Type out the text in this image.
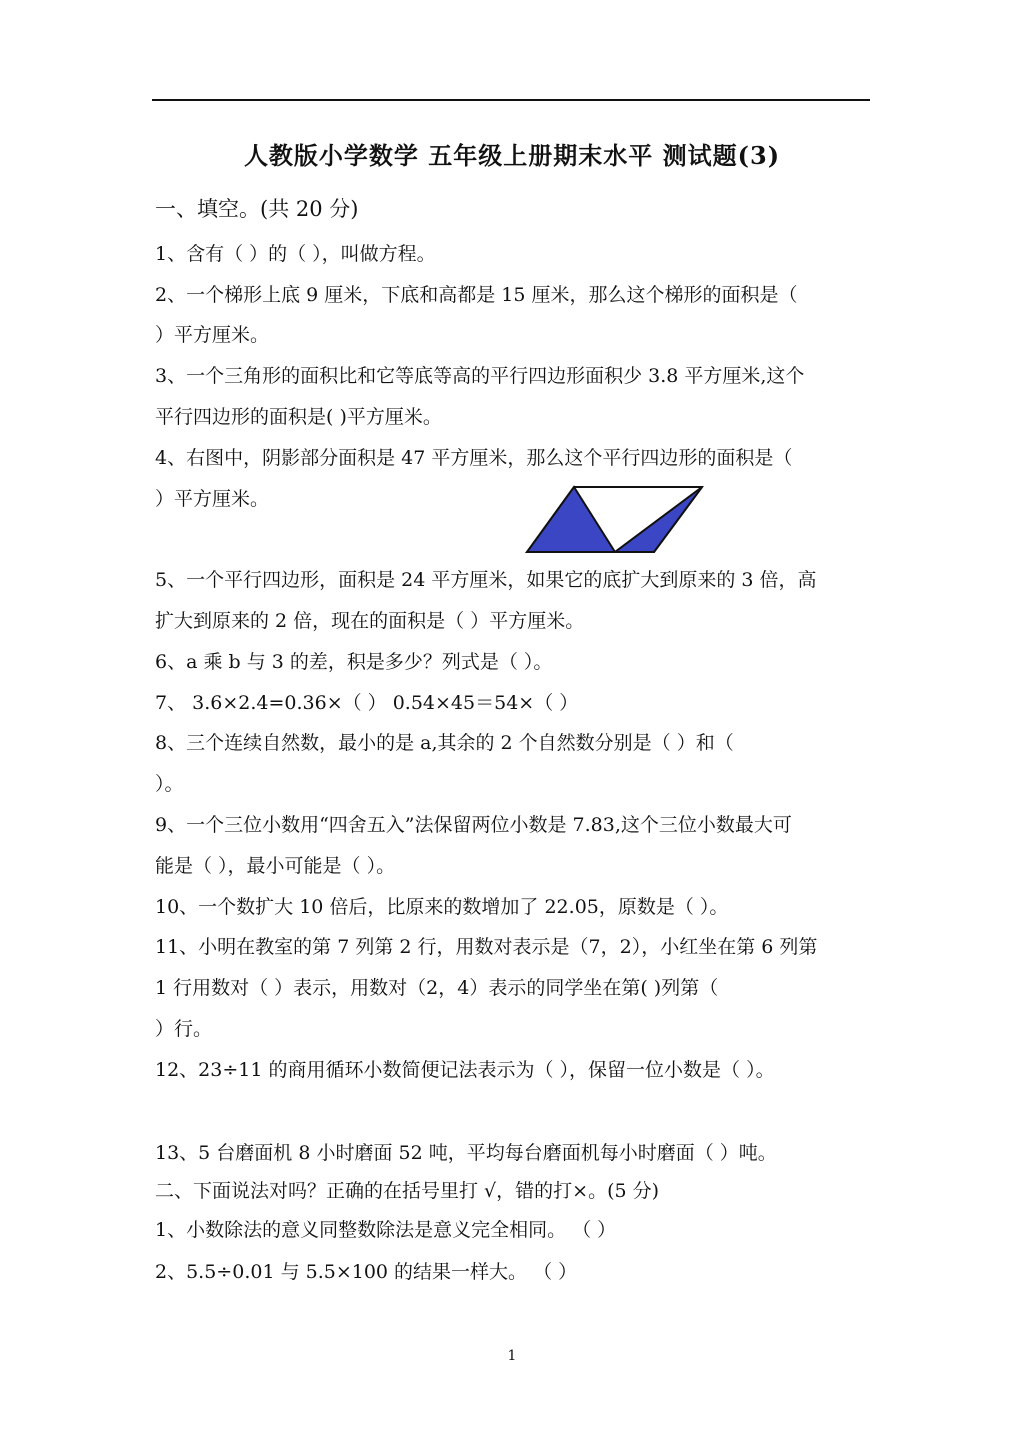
人教版小学数学 五年级上册期末水平 测试题(3)
一、填空。(共 20 分)
1、含有（ ）的（ ），叫做方程。
2、一个梯形上底 9 厘米，下底和高都是 15 厘米，那么这个梯形的面积是（
）平方厘米。
3、一个三角形的面积比和它等底等高的平行四边形面积少 3.8 平方厘米,这个
平行四边形的面积是( )平方厘米。
4、右图中，阴影部分面积是 47 平方厘米，那么这个平行四边形的面积是（
）平方厘米。
5、一个平行四边形，面积是 24 平方厘米，如果它的底扩大到原来的 3 倍，高
扩大到原来的 2 倍，现在的面积是（ ）平方厘米。
6、a 乘 b 与 3 的差，积是多少？列式是（ ）。
7、 3.6×2.4=0.36×（ ） 0.54×45＝54×（ ）
8、三个连续自然数，最小的是 a,其余的 2 个自然数分别是（ ）和（
）。
9、一个三位小数用“四舍五入”法保留两位小数是 7.83,这个三位小数最大可
能是（ ），最小可能是（ ）。
10、一个数扩大 10 倍后，比原来的数增加了 22.05，原数是（ ）。
11、小明在教室的第 7 列第 2 行，用数对表示是（7，2），小红坐在第 6 列第
1 行用数对（ ）表示，用数对（2，4）表示的同学坐在第( )列第（
）行。
12、23÷11 的商用循环小数简便记法表示为（ ），保留一位小数是（ ）。
13、5 台磨面机 8 小时磨面 52 吨，平均每台磨面机每小时磨面（ ）吨。
二、下面说法对吗？正确的在括号里打 √，错的打×。(5 分)
1、小数除法的意义同整数除法是意义完全相同。 （ ）
2、5.5÷0.01 与 5.5×100 的结果一样大。 （ ）
1
